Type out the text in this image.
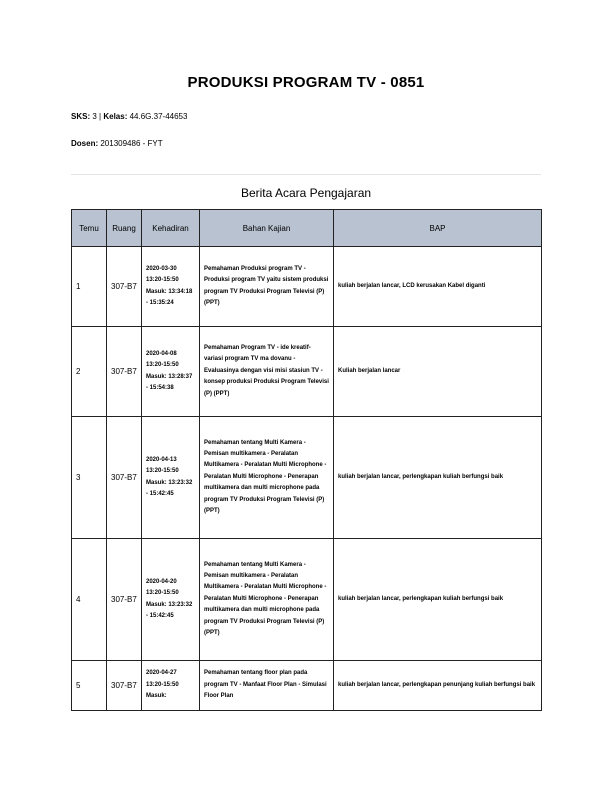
PRODUKSI PROGRAM TV - 0851
SKS: 3 | Kelas: 44.6G.37-44653
Dosen: 201309486 - FYT
Berita Acara Pengajaran
Temu	Ruang	Kehadiran	Bahan Kajian	BAP
1	307-B7	2020-03-30 13:20-15:50 Masuk: 13:34:18 - 15:35:24	Pemahaman Produksi program TV - Produksi program TV yaitu sistem produksi program TV Produksi Program Televisi (P) (PPT)	kuliah berjalan lancar, LCD kerusakan Kabel diganti
2	307-B7	2020-04-08 13:20-15:50 Masuk: 13:28:37 - 15:54:38	Pemahaman Program TV - ide kreatif- variasi program TV ma dovanu - Evaluasinya dengan visi misi stasiun TV - konsep produksi Produksi Program Televisi (P) (PPT)	Kuliah berjalan lancar
3	307-B7	2020-04-13 13:20-15:50 Masuk: 13:23:32 - 15:42:45	Pemahaman tentang Multi Kamera - Pemisan multikamera - Peralatan Multikamera - Peralatan Multi Microphone - Peralatan Multi Microphone - Penerapan multikamera dan multi microphone pada program TV Produksi Program Televisi (P) (PPT)	kuliah berjalan lancar, perlengkapan kuliah berfungsi baik
4	307-B7	2020-04-20 13:20-15:50 Masuk: 13:23:32 - 15:42:45	Pemahaman tentang Multi Kamera - Pemisan multikamera - Peralatan Multikamera - Peralatan Multi Microphone - Peralatan Multi Microphone - Penerapan multikamera dan multi microphone pada program TV Produksi Program Televisi (P) (PPT)	kuliah berjalan lancar, perlengkapan kuliah berfungsi baik
5	307-B7	2020-04-27 13:20-15:50 Masuk:	Pemahaman tentang floor plan pada program TV - Manfaat Floor Plan - Simulasi Floor Plan	kuliah berjalan lancar, perlengkapan penunjang kuliah berfungsi baik
